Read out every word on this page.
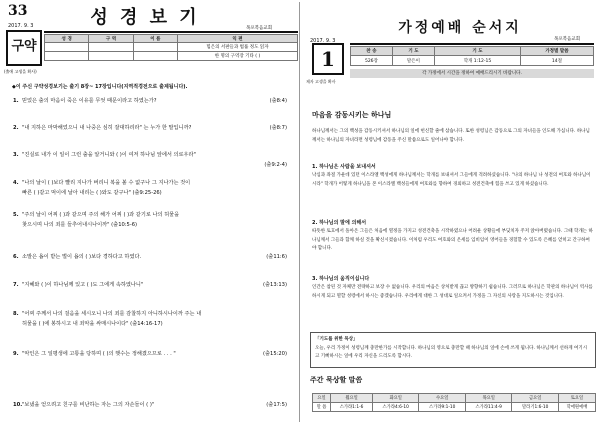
33
2017. 9. 3
구약
(출애 고생을 확사)
성 경 보 기
목포복음교회
성 경	구 역	이 름	익 편
			힘은의 서판들과 법률 정도 읽자
			한 명의 구역장 기타 ( )
◆이 주신 구약성경보기는 출기 8장~ 17장입니다(지역적경전으로 출제됩니다).
1. 믿었은 출의 마음이 죽은 이유를 무엇 때문이라고 하였는가?	(출8:4)
2. "내 지하은 마막해었으니 내 나중은 심히 잘대하리라" 는 누가 한 말입니까?	(출8:7)
3. "진실로 내가 이 일이 그런 출을 알거니와 ( )이 여저 하나님 앞에서 의로우라"
(출9:2-4)
4. "나의 날이 ( )보다 빨리 지나가 버리니 복을 볼 수 없구나 그 지나가는 것이
빠른 ( )같고 먹이에 날아 내리는 ( )와도 같구나" (출9:25-26)
5. "주의 날이 어찌 ( )과 같으며 주의 해가 어찌 ( )과 같기로 나의 허물을
찾으시며 나의 죄를 들추어내시나이까" (출10:5-6)
6. 소발은 욥이 받는 벌이 욥의 ( )보다 경하다고 하였다.	(출11:6)
7. "지혜와 ( )이 하나님께 있고 ( )도 그에게 속하였나니"	(출13:13)
8. "어찌 주께서 나의 걸음을 세시오니 나의 죄를 감찰하지 아니하시나이까 주는 내
허물을 ( )에 봉하시고 내 죄악을 싸매시나이다" (출14:16-17)
9. "악인은 그 일평생에 고통을 당하며 ( )의 햇수는 정해졌으므로 . . . "	(출15:20)
10."보냈을 얻으려고 친구를 비난하는 자는 그의 자손들이 ( )"	(출17:5)
가정예배 순서지
2017. 9. 3
1
제자 고생을 확사
목포복음교회
찬 송	기 도	기 도	가정별 말씀
526장	말은이	학개 1:12-15	14절
각 가정에서 시간을 정하여 예배드리시기 바랍니다.
마음을 감동시키는 하나님
하나님께서는 그의 백성을 감동시키셔서 하나님의 일에 헌신할 줄에 삼습니다. 또한 성령님은 감동으로 그의 자녀들을 인도해 가십니다. 하나님께서는 하나님의 자녀라면 성령님에 감동을 주신 말씀으로도 일어나야 합니다.
1. 하나님은 사람을 보내셔서
낙심과 좌절 가운데 있던 이스라엘 백성에게 하나님께서는 학개를 보내셔서 그들에게 격려하셨습니다. "나의 하나님 나 성전의 여호와 하나님이시라" 학개가 어떻게 하나님을 본 이스라엘 백성들에게 여호와를 향하여 경외하고 성전건축에 힘을 쓰고 있게 하셨습니다.
2. 하나님의 말에 의해서
따뜻한 토흐에서 돌아온 그들은 처음에 열정을 가지고 성전건축을 시작하였으나 어려운 상황들에 부딪치자 주저 앉아버렸습니다. 그때 학개는 하나님께서 그들과 함께 하실 것을 확신시켰습니다. 이처럼 우리도 여호와의 온세를 입비임이 영어들을 경험할 수 있도록 은혜를 얻히고 간구하여야 합니다.
3. 하나님의 움직이십니다
인간은 참된 것 자체만 전략하고 보장 수 없습니다. 우리의 마음은 상처받게 끊고 방향하기 쉽습니다. 그러므로 하나님은 학관의 하나님이 역사를 하시게 되고 멸할 성령에서 하시는 좋겠습니다. 우리에게 대한 그 성대로 일으켜서 가정을 그 자신의 사랑을 지도하시는 것입니다.
「기도를 위한 묵상」
오늘, 우리 가정이 성령님께 충만한가를 시작합니다. 하나님의 영으로 충만할 때 하나님의 일에 손에 쓰게 됩니다. 하나님께서 선하게 여기시고 기뻐하시는 일에 우리 자신을 드리도록 합시다.
주간 묵상할 말씀
요일	월요일	화요일	수요일	목요일	금요일	토요일
말 씀	스가랴1:1-6	스가랴4:6-10	스가랴9:1-10	스가랴11:4-9	말라기1:6-10	학애원예배
